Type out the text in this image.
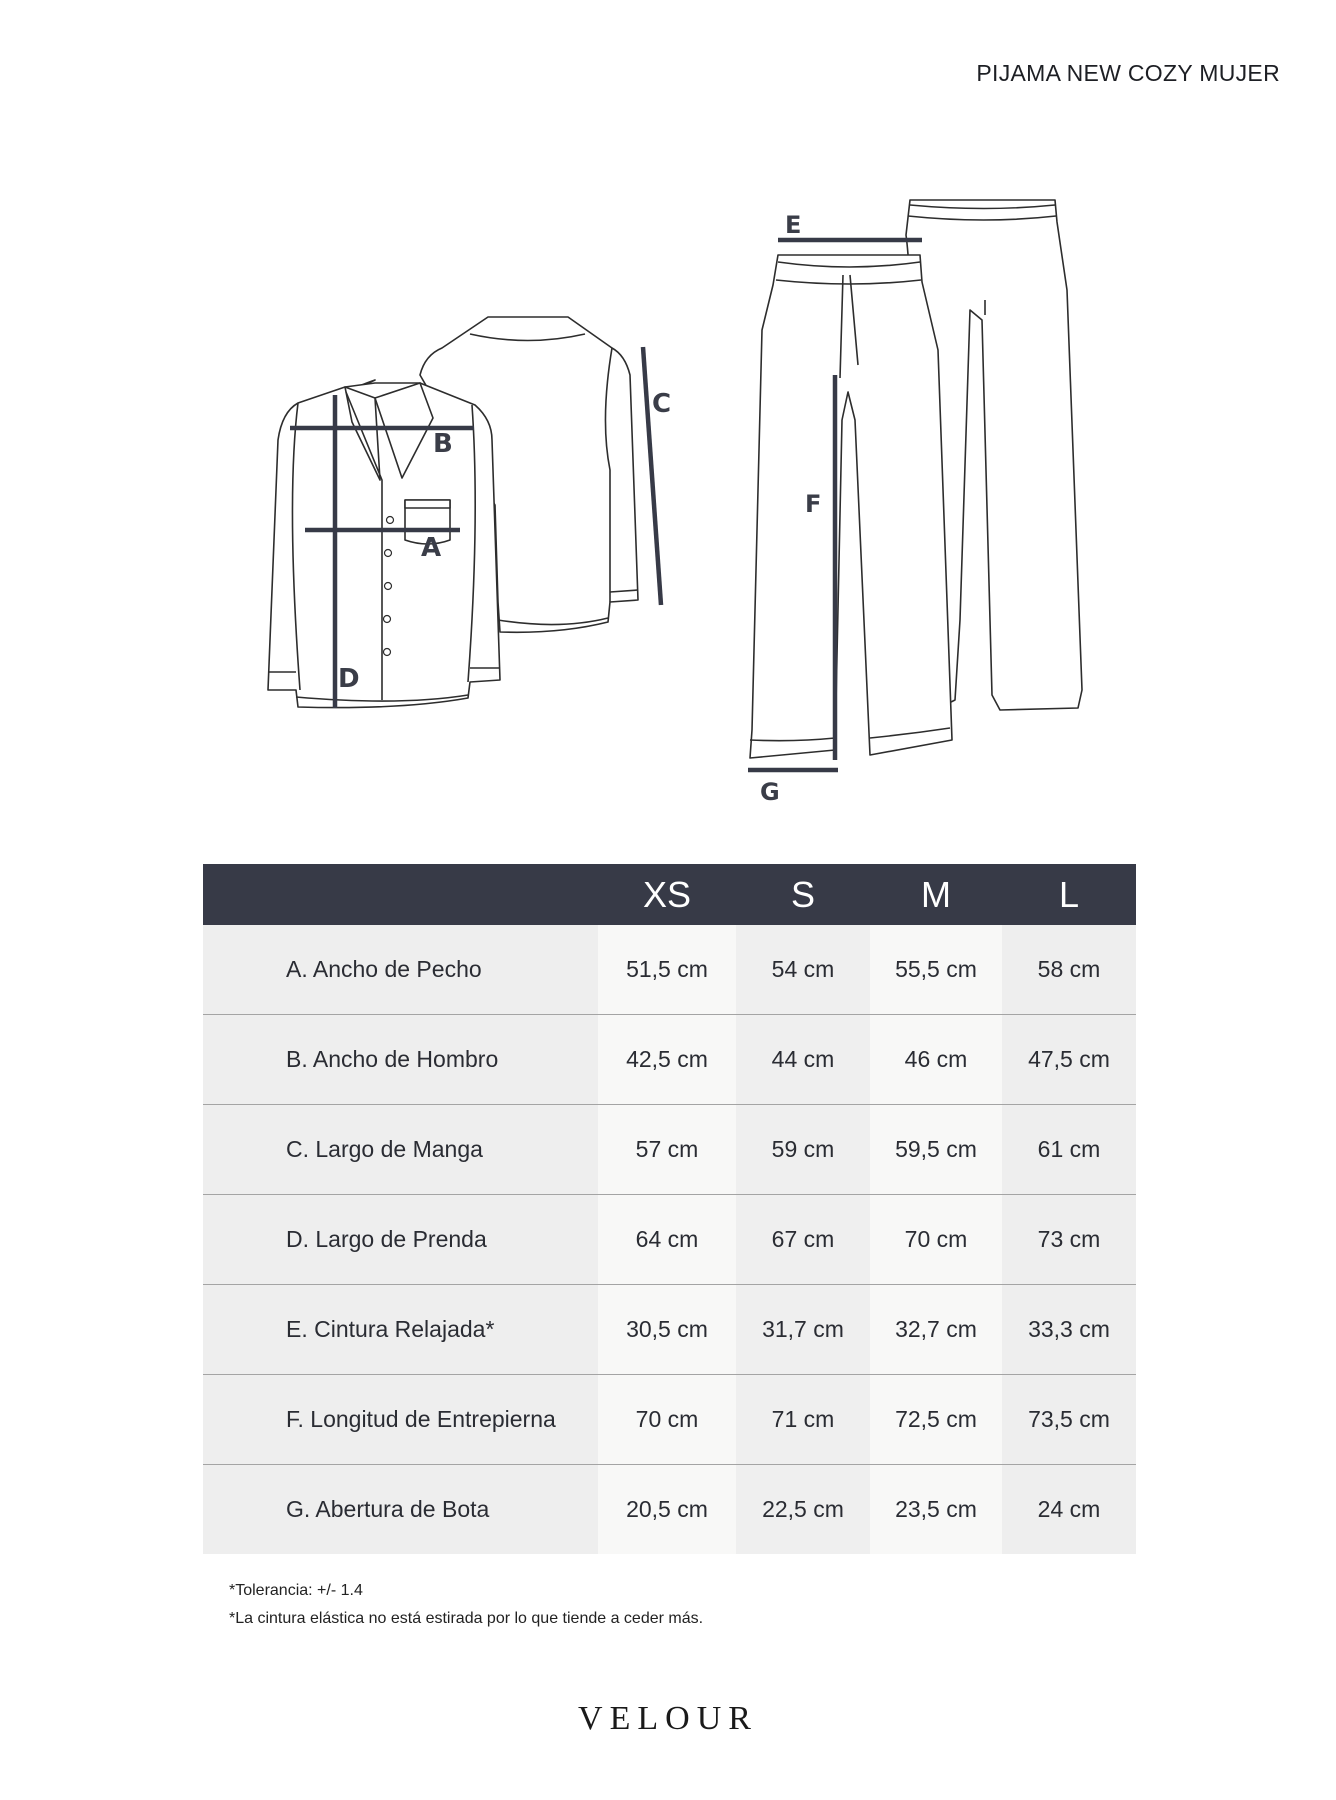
PIJAMA NEW COZY MUJER
B
A
D
C
E
F
G
	XS	S	M	L
A. Ancho de Pecho	51,5 cm	54 cm	55,5 cm	58 cm
B. Ancho de Hombro	42,5 cm	44 cm	46 cm	47,5 cm
C. Largo de Manga	57 cm	59 cm	59,5 cm	61 cm
D. Largo de Prenda	64 cm	67 cm	70 cm	73 cm
E. Cintura Relajada*	30,5 cm	31,7 cm	32,7 cm	33,3 cm
F. Longitud de Entrepierna	70 cm	71 cm	72,5 cm	73,5 cm
G. Abertura de Bota	20,5 cm	22,5 cm	23,5 cm	24 cm
*Tolerancia: +/- 1.4
*La cintura elástica no está estirada por lo que tiende a ceder más.
VELOUR
